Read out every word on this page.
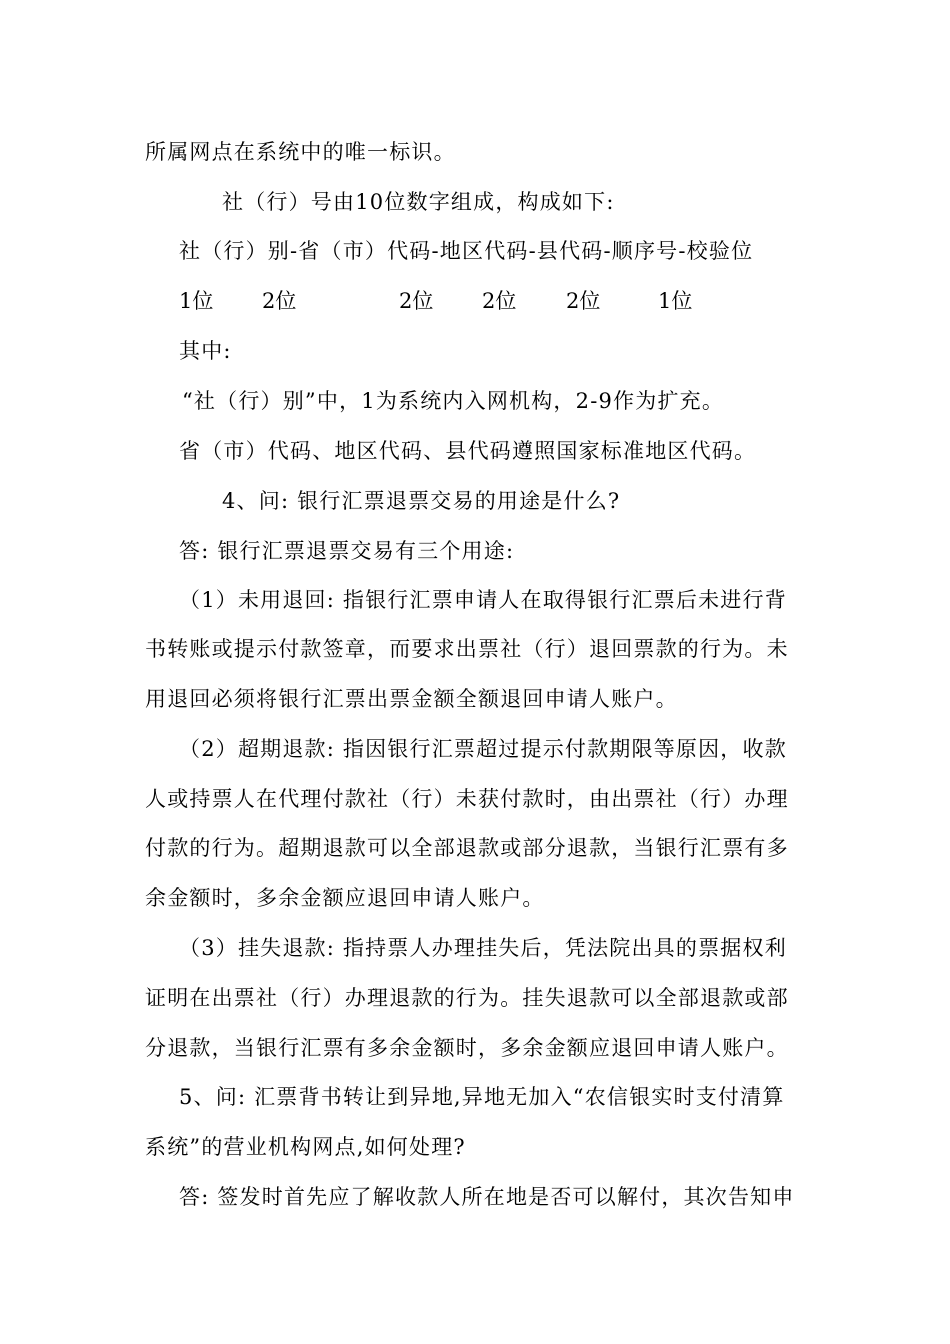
所属网点在系统中的唯一标识。
社（行）号由10位数字组成，构成如下:
社（行）别-省（市）代码-地区代码-县代码-顺序号-校验位
1位 2位	2位 2位 2位	1位
其中:
“社（行）别”中，1为系统内入网机构，2-9作为扩充。
省（市）代码、地区代码、县代码遵照国家标准地区代码。
4、问: 银行汇票退票交易的用途是什么?
答: 银行汇票退票交易有三个用途:
（1）未用退回: 指银行汇票申请人在取得银行汇票后未进行背
书转账或提示付款签章，而要求出票社（行）退回票款的行为。未
用退回必须将银行汇票出票金额全额退回申请人账户。
（2）超期退款: 指因银行汇票超过提示付款期限等原因，收款
人或持票人在代理付款社（行）未获付款时，由出票社（行）办理
付款的行为。超期退款可以全部退款或部分退款，当银行汇票有多
余金额时，多余金额应退回申请人账户。
（3）挂失退款: 指持票人办理挂失后，凭法院出具的票据权利
证明在出票社（行）办理退款的行为。挂失退款可以全部退款或部
分退款，当银行汇票有多余金额时，多余金额应退回申请人账户。
5、问: 汇票背书转让到异地,异地无加入“农信银实时支付清算
系统”的营业机构网点,如何处理?
答: 签发时首先应了解收款人所在地是否可以解付，其次告知申
